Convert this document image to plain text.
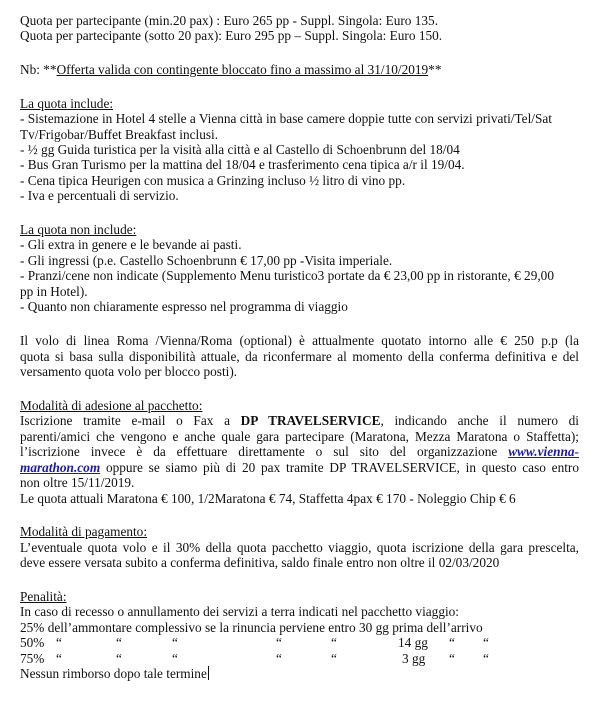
Quota per partecipante (min.20 pax) : Euro 265 pp - Suppl. Singola: Euro 135.
Quota per partecipante (sotto 20 pax): Euro 295 pp – Suppl. Singola: Euro 150.
Nb: **Offerta valida con contingente bloccato fino a massimo al 31/10/2019**
La quota include:
- Sistemazione in Hotel 4 stelle a Vienna città in base camere doppie tutte con servizi privati/Tel/Sat
Tv/Frigobar/Buffet Breakfast inclusi.
- ½ gg Guida turistica per la visità alla città e al Castello di Schoenbrunn del 18/04
- Bus Gran Turismo per la mattina del 18/04 e trasferimento cena tipica a/r il 19/04.
- Cena tipica Heurigen con musica a Grinzing incluso ½ litro di vino pp.
- Iva e percentuali di servizio.
La quota non include:
- Gli extra in genere e le bevande ai pasti.
- Gli ingressi (p.e. Castello Schoenbrunn € 17,00 pp -Visita imperiale.
- Pranzi/cene non indicate (Supplemento Menu turistico3 portate da € 23,00 pp in ristorante, € 29,00
pp in Hotel).
- Quanto non chiaramente espresso nel programma di viaggio
Il volo di linea Roma /Vienna/Roma (optional) è attualmente quotato intorno alle € 250 p.p (la
quota si basa sulla disponibilità attuale, da riconfermare al momento della conferma definitiva e del
versamento quota volo per blocco posti).
Modalità di adesione al pacchetto:
Iscrizione tramite e-mail o Fax a DP TRAVELSERVICE, indicando anche il numero di
parenti/amici che vengono e anche quale gara partecipare (Maratona, Mezza Maratona o Staffetta);
l’iscrizione invece è da effettuare direttamente o sul sito del organizzazione www.vienna-
marathon.com oppure se siamo più di 20 pax tramite DP TRAVELSERVICE, in questo caso entro
non oltre 15/11/2019.
Le quota attuali Maratona € 100, 1/2Maratona € 74, Staffetta 4pax € 170 - Noleggio Chip € 6
Modalità di pagamento:
L’eventuale quota volo e il 30% della quota pacchetto viaggio, quota iscrizione della gara prescelta,
deve essere versata subito a conferma definitiva, saldo finale entro non oltre il 02/03/2020
Penalità:
In caso di recesso o annullamento dei servizi a terra indicati nel pacchetto viaggio:
25% dell’ammontare complessivo se la rinuncia perviene entro 30 gg prima dell’arrivo
50% “	“	“	“	“	14 gg “ “
75% “	“	“	“	“	3 gg “ “
Nessun rimborso dopo tale termine
